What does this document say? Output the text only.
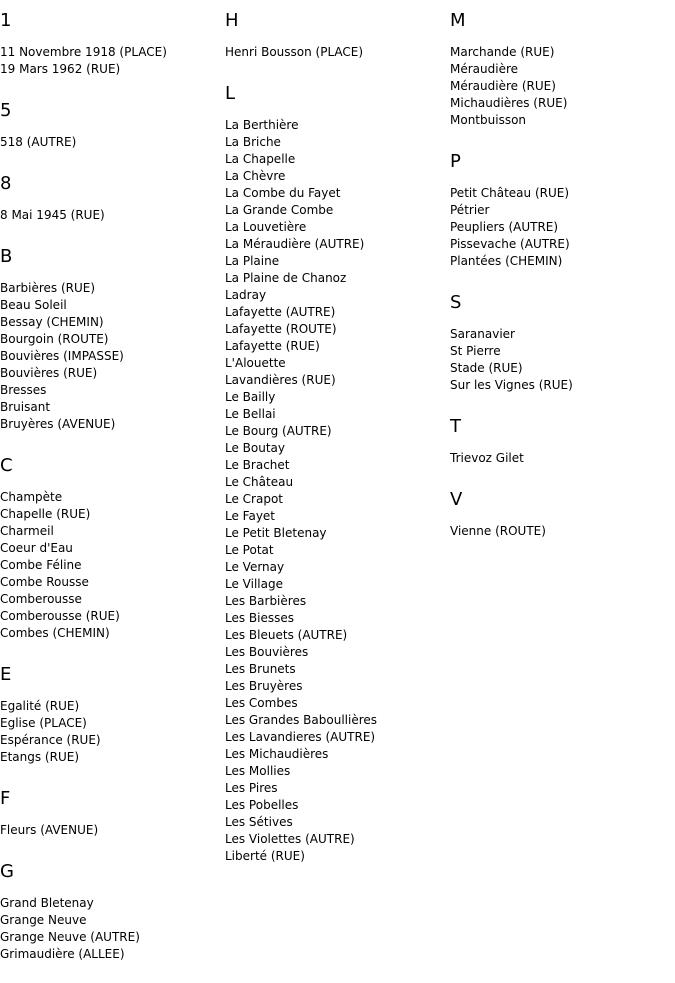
1
11 Novembre 1918 (PLACE)
19 Mars 1962 (RUE)
5
518 (AUTRE)
8
8 Mai 1945 (RUE)
B
Barbières (RUE)
Beau Soleil
Bessay (CHEMIN)
Bourgoin (ROUTE)
Bouvières (IMPASSE)
Bouvières (RUE)
Bresses
Bruisant
Bruyères (AVENUE)
C
Champète
Chapelle (RUE)
Charmeil
Coeur d'Eau
Combe Féline
Combe Rousse
Comberousse
Comberousse (RUE)
Combes (CHEMIN)
E
Egalité (RUE)
Eglise (PLACE)
Espérance (RUE)
Etangs (RUE)
F
Fleurs (AVENUE)
G
Grand Bletenay
Grange Neuve
Grange Neuve (AUTRE)
Grimaudière (ALLEE)
H
Henri Bousson (PLACE)
L
La Berthière
La Briche
La Chapelle
La Chèvre
La Combe du Fayet
La Grande Combe
La Louvetière
La Méraudière (AUTRE)
La Plaine
La Plaine de Chanoz
Ladray
Lafayette (AUTRE)
Lafayette (ROUTE)
Lafayette (RUE)
L'Alouette
Lavandières (RUE)
Le Bailly
Le Bellai
Le Bourg (AUTRE)
Le Boutay
Le Brachet
Le Château
Le Crapot
Le Fayet
Le Petit Bletenay
Le Potat
Le Vernay
Le Village
Les Barbières
Les Biesses
Les Bleuets (AUTRE)
Les Bouvières
Les Brunets
Les Bruyères
Les Combes
Les Grandes Baboullières
Les Lavandieres (AUTRE)
Les Michaudières
Les Mollies
Les Pires
Les Pobelles
Les Sétives
Les Violettes (AUTRE)
Liberté (RUE)
M
Marchande (RUE)
Méraudière
Méraudière (RUE)
Michaudières (RUE)
Montbuisson
P
Petit Château (RUE)
Pétrier
Peupliers (AUTRE)
Pissevache (AUTRE)
Plantées (CHEMIN)
S
Saranavier
St Pierre
Stade (RUE)
Sur les Vignes (RUE)
T
Trievoz Gilet
V
Vienne (ROUTE)
